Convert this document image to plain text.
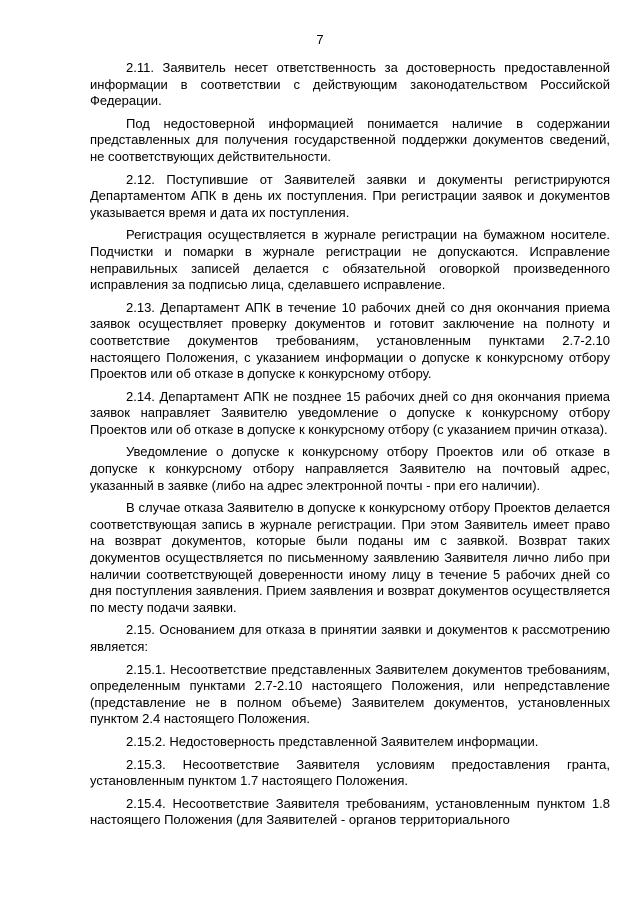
7

2.11. Заявитель несет ответственность за достоверность предоставленной информации в соответствии с действующим законодательством Российской Федерации.

Под недостоверной информацией понимается наличие в содержании представленных для получения государственной поддержки документов сведений, не соответствующих действительности.

2.12. Поступившие от Заявителей заявки и документы регистрируются Департаментом АПК в день их поступления. При регистрации заявок и документов указывается время и дата их поступления.

Регистрация осуществляется в журнале регистрации на бумажном носителе. Подчистки и помарки в журнале регистрации не допускаются. Исправление неправильных записей делается с обязательной оговоркой произведенного исправления за подписью лица, сделавшего исправление.

2.13. Департамент АПК в течение 10 рабочих дней со дня окончания приема заявок осуществляет проверку документов и готовит заключение на полноту и соответствие документов требованиям, установленным пунктами 2.7-2.10 настоящего Положения, с указанием информации о допуске к конкурсному отбору Проектов или об отказе в допуске к конкурсному отбору.

2.14. Департамент АПК не позднее 15 рабочих дней со дня окончания приема заявок направляет Заявителю уведомление о допуске к конкурсному отбору Проектов или об отказе в допуске к конкурсному отбору (с указанием причин отказа).

Уведомление о допуске к конкурсному отбору Проектов или об отказе в допуске к конкурсному отбору направляется Заявителю на почтовый адрес, указанный в заявке (либо на адрес электронной почты - при его наличии).

В случае отказа Заявителю в допуске к конкурсному отбору Проектов делается соответствующая запись в журнале регистрации. При этом Заявитель имеет право на возврат документов, которые были поданы им с заявкой. Возврат таких документов осуществляется по письменному заявлению Заявителя лично либо при наличии соответствующей доверенности иному лицу в течение 5 рабочих дней со дня поступления заявления. Прием заявления и возврат документов осуществляется по месту подачи заявки.

2.15. Основанием для отказа в принятии заявки и документов к рассмотрению является:

2.15.1. Несоответствие представленных Заявителем документов требованиям, определенным пунктами 2.7-2.10 настоящего Положения, или непредставление (представление не в полном объеме) Заявителем документов, установленных пунктом 2.4 настоящего Положения.

2.15.2. Недостоверность представленной Заявителем информации.

2.15.3. Несоответствие Заявителя условиям предоставления гранта, установленным пунктом 1.7 настоящего Положения.

2.15.4. Несоответствие Заявителя требованиям, установленным пунктом 1.8 настоящего Положения (для Заявителей - органов территориального
